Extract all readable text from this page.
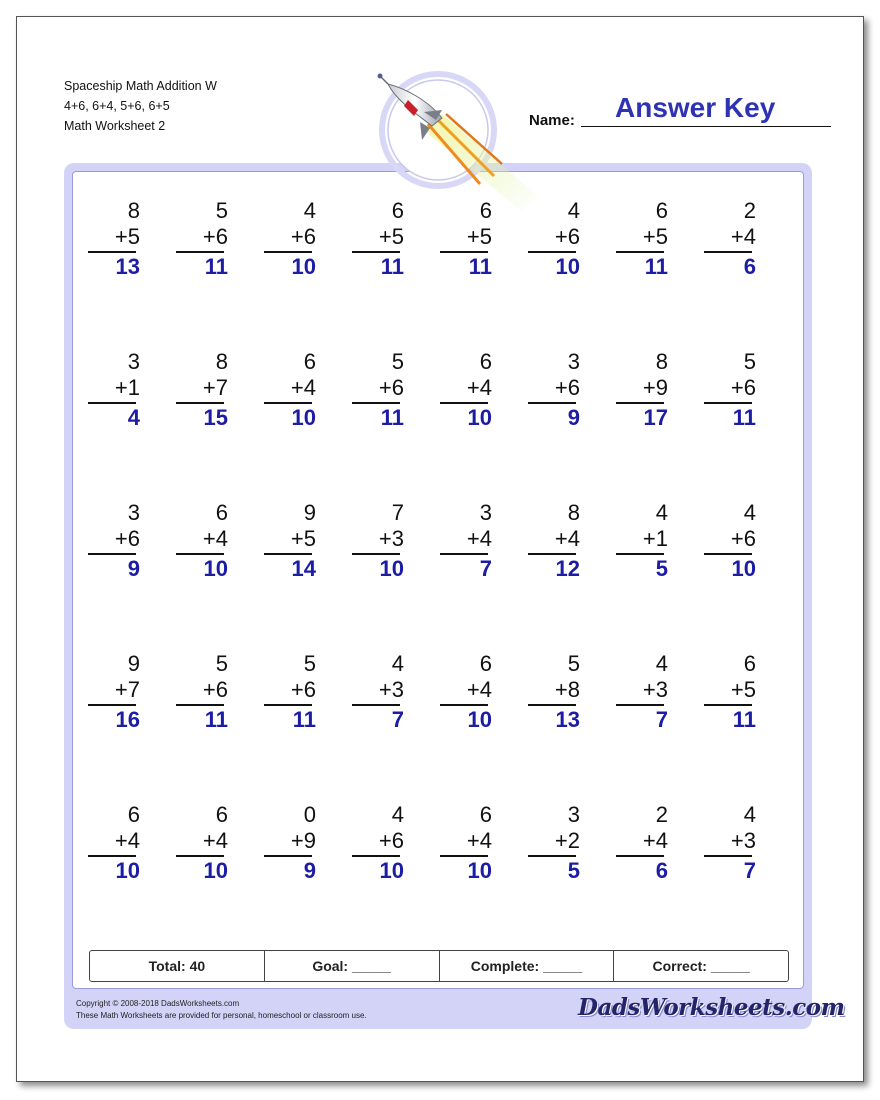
Spaceship Math Addition W
4+6, 6+4, 5+6, 6+5
Math Worksheet 2	Name: Answer Key
8
+5
13
5
+6
11
4
+6
10
6
+5
11
6
+5
11
4
+6
10
6
+5
11
2
+4
6
3
+1
4
8
+7
15
6
+4
10
5
+6
11
6
+4
10
3
+6
9
8
+9
17
5
+6
11
3
+6
9
6
+4
10
9
+5
14
7
+3
10
3
+4
7
8
+4
12
4
+1
5
4
+6
10
9
+7
16
5
+6
11
5
+6
11
4
+3
7
6
+4
10
5
+8
13
4
+3
7
6
+5
11
6
+4
10
6
+4
10
0
+9
9
4
+6
10
6
+4
10
3
+2
5
2
+4
6
4
+3
7
Total: 40	Goal: _____	Complete: _____	Correct: _____
Copyright © 2008-2018 DadsWorksheets.com
These Math Worksheets are provided for personal, homeschool or classroom use.	DadsWorksheets.com
